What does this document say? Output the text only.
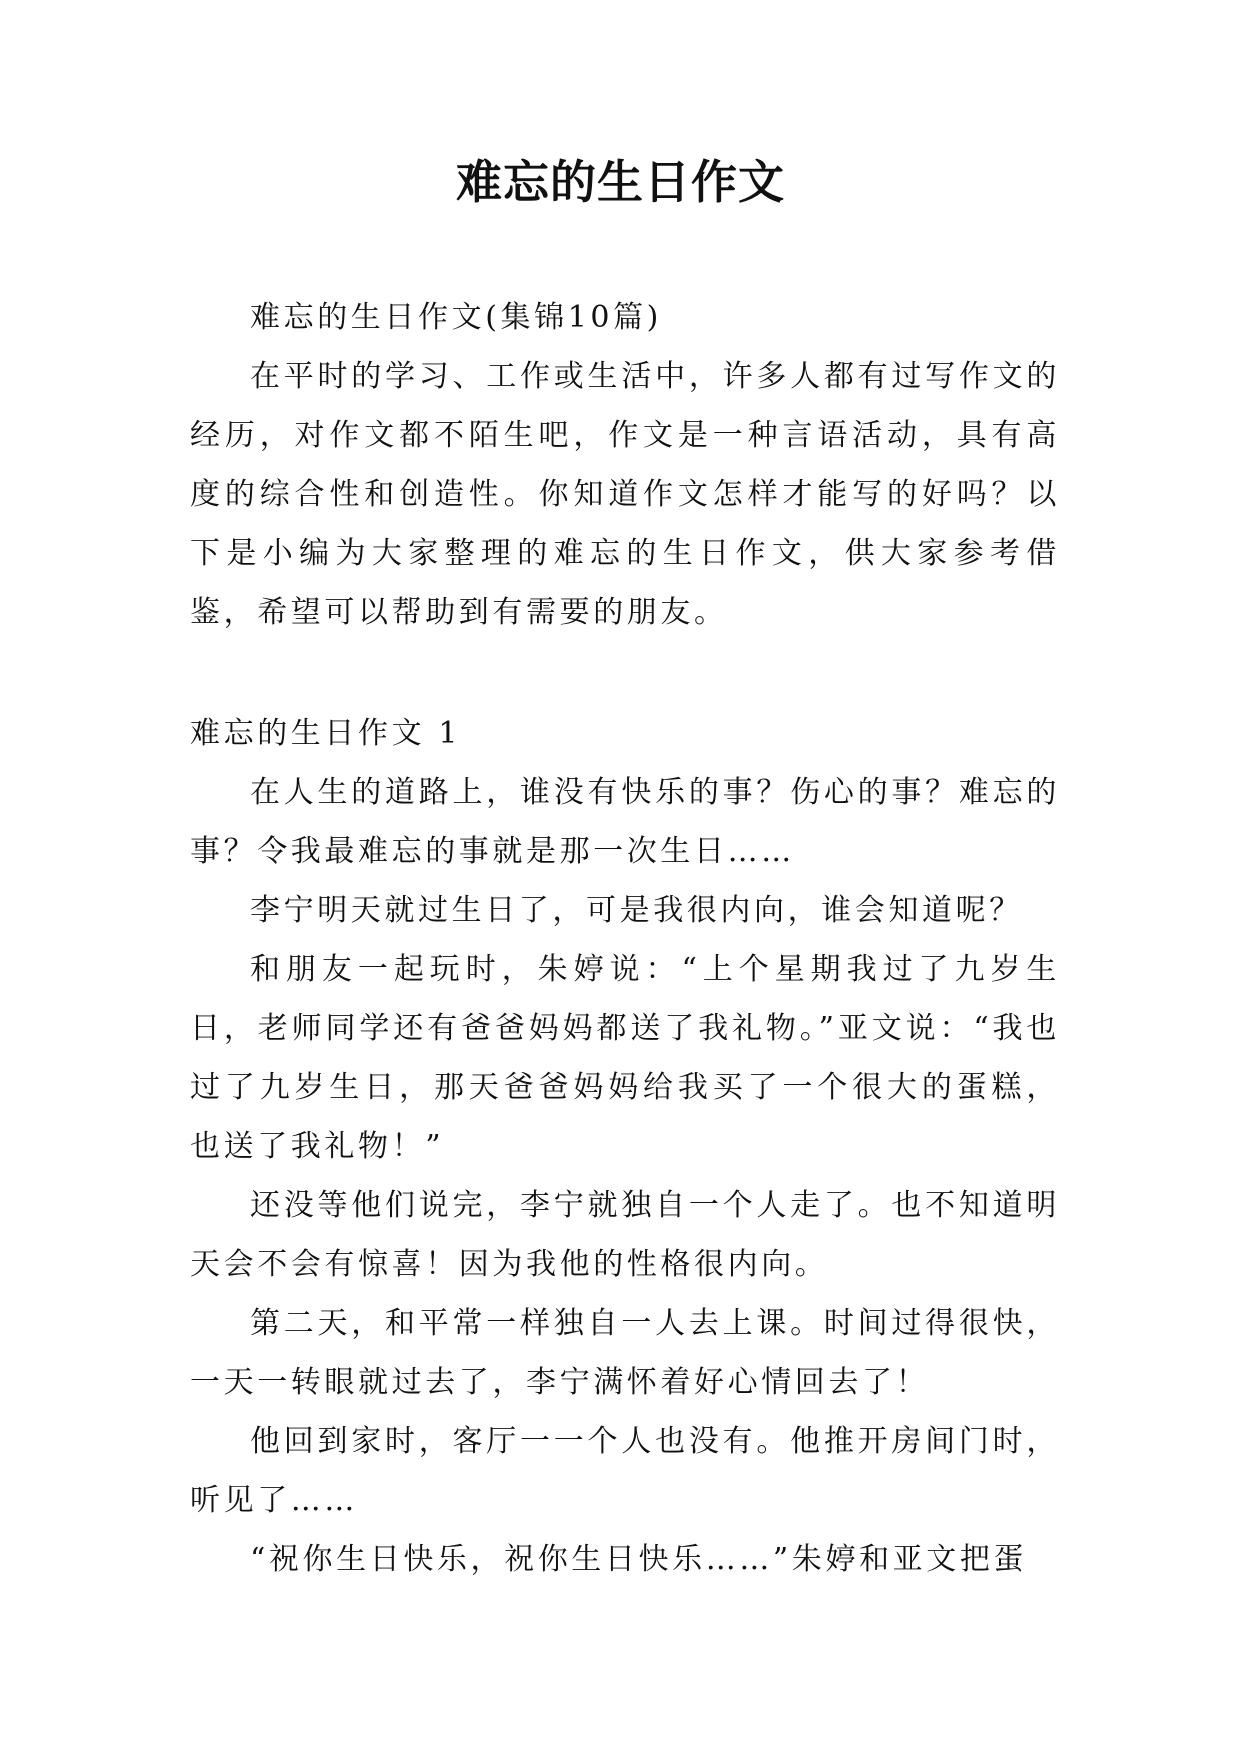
难忘的生日作文

难忘的生日作文(集锦10篇)

在平时的学习、工作或生活中，许多人都有过写作文的经历，对作文都不陌生吧，作文是一种言语活动，具有高度的综合性和创造性。你知道作文怎样才能写的好吗？以下是小编为大家整理的难忘的生日作文，供大家参考借鉴，希望可以帮助到有需要的朋友。

难忘的生日作文 1

在人生的道路上，谁没有快乐的事？伤心的事？难忘的事？令我最难忘的事就是那一次生日……

李宁明天就过生日了，可是我很内向，谁会知道呢？

和朋友一起玩时，朱婷说：“上个星期我过了九岁生日，老师同学还有爸爸妈妈都送了我礼物。”亚文说：“我也过了九岁生日，那天爸爸妈妈给我买了一个很大的蛋糕，也送了我礼物！”

还没等他们说完，李宁就独自一个人走了。也不知道明天会不会有惊喜！因为我他的性格很内向。

第二天，和平常一样独自一人去上课。时间过得很快，一天一转眼就过去了，李宁满怀着好心情回去了！

他回到家时，客厅一一个人也没有。他推开房间门时，听见了……

“祝你生日快乐，祝你生日快乐……”朱婷和亚文把蛋
